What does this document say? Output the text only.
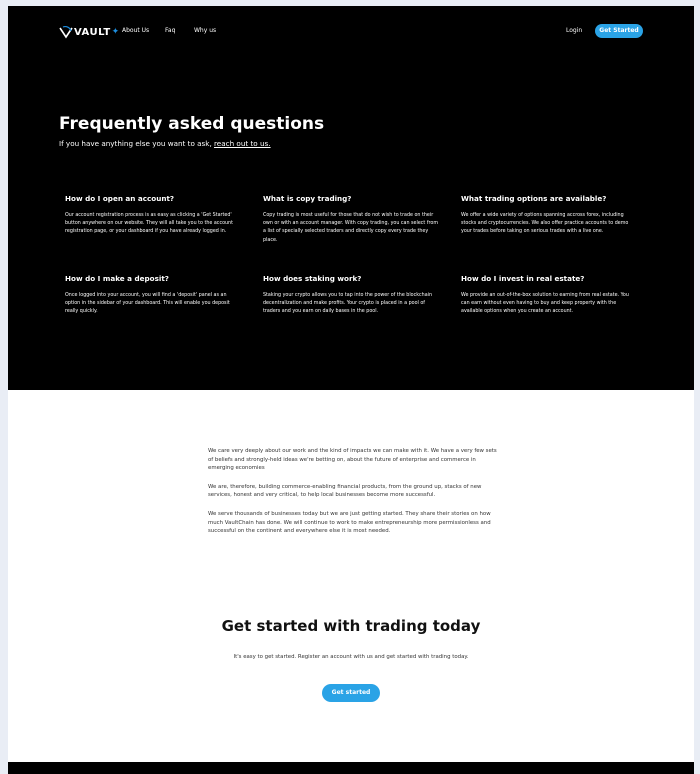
VAULT ✦ About Us	Faq	Why us	Login	Get Started
Frequently asked questions
If you have anything else you want to ask, reach out to us.

How do I open an account?

Our account registration process is as easy as clicking a 'Get Started' button anywhere on our website. They will all take you to the account registration page, or your dashboard if you have already logged in.

What is copy trading?

Copy trading is most useful for those that do not wish to trade on their own or with an account manager. With copy trading, you can select from a list of specially selected traders and directly copy every trade they place.

What trading options are available?

We offer a wide variety of options spanning accross forex, including stocks and cryptocurrencies. We also offer practice accounts to demo your trades before taking on serious trades with a live one.

How do I make a deposit?

Once logged into your account, you will find a 'deposit' panel as an option in the sidebar of your dashboard. This will enable you deposit really quickly.

How does staking work?

Staking your crypto allows you to tap into the power of the blockchain decentralization and make profits. Your crypto is placed in a pool of traders and you earn on daily bases in the pool.

How do I invest in real estate?

We provide an out-of-the-box solution to earning from real estate. You can earn without even having to buy and keep property with the available options when you create an account.

We care very deeply about our work and the kind of impacts we can make with it. We have a very few sets of beliefs and strongly-held ideas we're betting on, about the future of enterprise and commerce in emerging economies

We are, therefore, building commerce-enabling financial products, from the ground up, stacks of new services, honest and very critical, to help local businesses become more successful.

We serve thousands of businesses today but we are just getting started. They share their stories on how much VaultChain has done. We will continue to work to make entrepreneurship more permissionless and successful on the continent and everywhere else it is most needed.

Get started with trading today
It's easy to get started. Register an account with us and get started with trading today.
Get started
